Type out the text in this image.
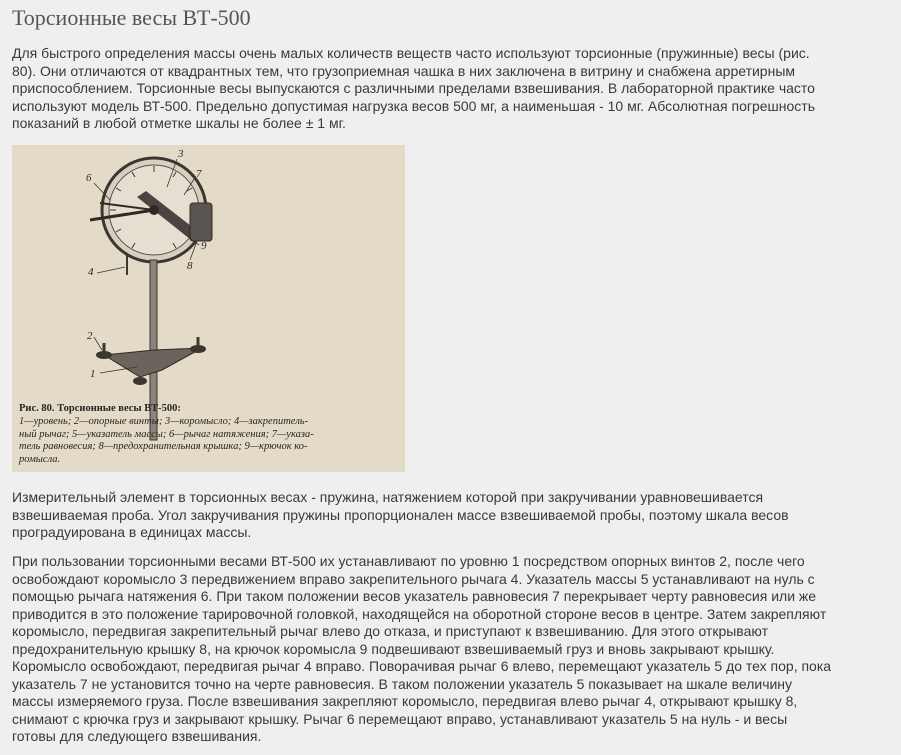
Торсионные весы ВТ-500

Для быстрого определения массы очень малых количеств веществ часто используют торсионные (пружинные) весы (рис.
80). Они отличаются от квадрантных тем, что грузоприемная чашка в них заключена в витрину и снабжена арретирным
приспособлением. Торсионные весы выпускаются с различными пределами взвешивания. В лабораторной практике часто
используют модель ВТ-500. Предельно допустимая нагрузка весов 500 мг, а наименьшая - 10 мг. Абсолютная погрешность
показаний в любой отметке шкалы не более ± 1 мг.

6
3
7
9
8
4
2
1
Рис. 80. Торсионные весы ВТ-500:
1—уровень; 2—опорные винты; 3—коромысло; 4—закрепитель-
ный рычаг; 5—указатель массы; 6—рычаг натяжения; 7—указа-
тель равновесия; 8—предохранительная крышка; 9—крючок ко-
ромысла.

Измерительный элемент в торсионных весах - пружина, натяжением которой при закручивании уравновешивается
взвешиваемая проба. Угол закручивания пружины пропорционален массе взвешиваемой пробы, поэтому шкала весов
проградуирована в единицах массы.

При пользовании торсионными весами ВТ-500 их устанавливают по уровню 1 посредством опорных винтов 2, после чего
освобождают коромысло 3 передвижением вправо закрепительного рычага 4. Указатель массы 5 устанавливают на нуль с
помощью рычага натяжения 6. При таком положении весов указатель равновесия 7 перекрывает черту равновесия или же
приводится в это положение тарировочной головкой, находящейся на оборотной стороне весов в центре. Затем закрепляют
коромысло, передвигая закрепительный рычаг влево до отказа, и приступают к взвешиванию. Для этого открывают
предохранительную крышку 8, на крючок коромысла 9 подвешивают взвешиваемый груз и вновь закрывают крышку.
Коромысло освобождают, передвигая рычаг 4 вправо. Поворачивая рычаг 6 влево, перемещают указатель 5 до тех пор, пока
указатель 7 не установится точно на черте равновесия. В таком положении указатель 5 показывает на шкале величину
массы измеряемого груза. После взвешивания закрепляют коромысло, передвигая влево рычаг 4, открывают крышку 8,
снимают с крючка груз и закрывают крышку. Рычаг 6 перемещают вправо, устанавливают указатель 5 на нуль - и весы
готовы для следующего взвешивания.
